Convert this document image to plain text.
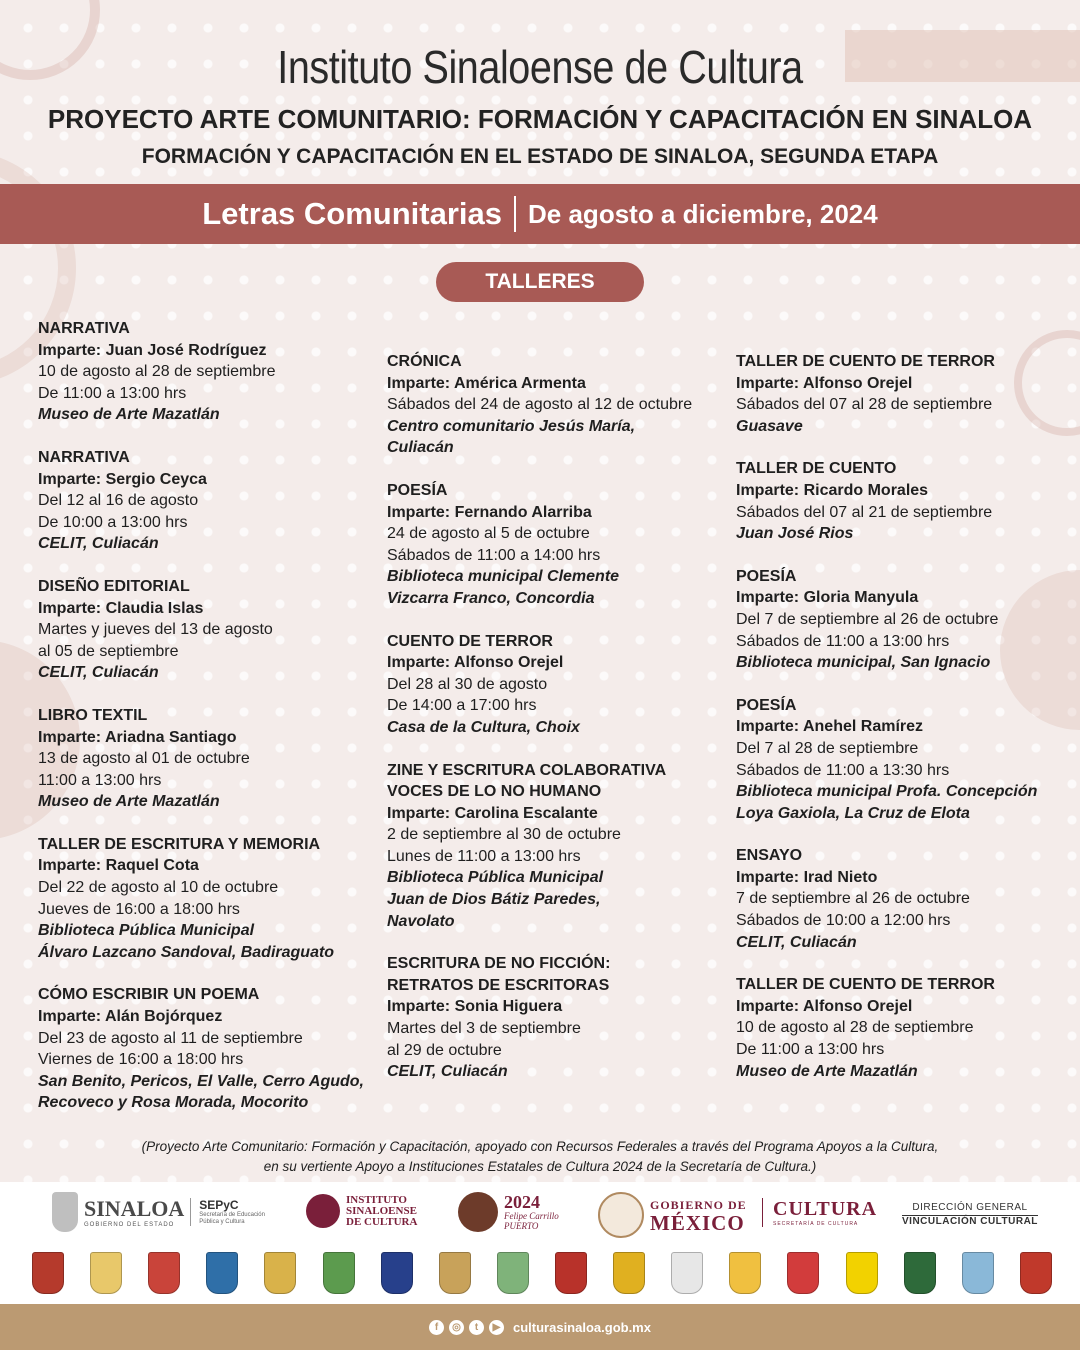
Instituto Sinaloense de Cultura
PROYECTO ARTE COMUNITARIO: FORMACIÓN Y CAPACITACIÓN EN SINALOA
FORMACIÓN Y CAPACITACIÓN EN EL ESTADO DE SINALOA, SEGUNDA ETAPA
Letras Comunitarias De agosto a diciembre, 2024
TALLERES
NARRATIVA
Imparte: Juan José Rodríguez
10 de agosto al 28 de septiembre
De 11:00 a 13:00 hrs
Museo de Arte Mazatlán
NARRATIVA
Imparte: Sergio Ceyca
Del 12 al 16 de agosto
De 10:00 a 13:00 hrs
CELIT, Culiacán
DISEÑO EDITORIAL
Imparte: Claudia Islas
Martes y jueves del 13 de agosto
al 05 de septiembre
CELIT, Culiacán
LIBRO TEXTIL
Imparte: Ariadna Santiago
13 de agosto al 01 de octubre
11:00 a 13:00 hrs
Museo de Arte Mazatlán
TALLER DE ESCRITURA Y MEMORIA
Imparte: Raquel Cota
Del 22 de agosto al 10 de octubre
Jueves de 16:00 a 18:00 hrs
Biblioteca Pública Municipal
Álvaro Lazcano Sandoval, Badiraguato
CÓMO ESCRIBIR UN POEMA
Imparte: Alán Bojórquez
Del 23 de agosto al 11 de septiembre
Viernes de 16:00 a 18:00 hrs
San Benito, Pericos, El Valle, Cerro Agudo,
Recoveco y Rosa Morada, Mocorito
CRÓNICA
Imparte: América Armenta
Sábados del 24 de agosto al 12 de octubre
Centro comunitario Jesús María,
Culiacán
POESÍA
Imparte: Fernando Alarriba
24 de agosto al 5 de octubre
Sábados de 11:00 a 14:00 hrs
Biblioteca municipal Clemente
Vizcarra Franco, Concordia
CUENTO DE TERROR
Imparte: Alfonso Orejel
Del 28 al 30 de agosto
De 14:00 a 17:00 hrs
Casa de la Cultura, Choix
ZINE Y ESCRITURA COLABORATIVA
VOCES DE LO NO HUMANO
Imparte: Carolina Escalante
2 de septiembre al 30 de octubre
Lunes de 11:00 a 13:00 hrs
Biblioteca Pública Municipal
Juan de Dios Bátiz Paredes,
Navolato
ESCRITURA DE NO FICCIÓN:
RETRATOS DE ESCRITORAS
Imparte: Sonia Higuera
Martes del 3 de septiembre
al 29 de octubre
CELIT, Culiacán
TALLER DE CUENTO DE TERROR
Imparte: Alfonso Orejel
Sábados del 07 al 28 de septiembre
Guasave
TALLER DE CUENTO
Imparte: Ricardo Morales
Sábados del 07 al 21 de septiembre
Juan José Rios
POESÍA
Imparte: Gloria Manyula
Del 7 de septiembre al 26 de octubre
Sábados de 11:00 a 13:00 hrs
Biblioteca municipal, San Ignacio
POESÍA
Imparte: Anehel Ramírez
Del 7 al 28 de septiembre
Sábados de 11:00 a 13:30 hrs
Biblioteca municipal Profa. Concepción
Loya Gaxiola, La Cruz de Elota
ENSAYO
Imparte: Irad Nieto
7 de septiembre al 26 de octubre
Sábados de 10:00 a 12:00 hrs
CELIT, Culiacán
TALLER DE CUENTO DE TERROR
Imparte: Alfonso Orejel
10 de agosto al 28 de septiembre
De 11:00 a 13:00 hrs
Museo de Arte Mazatlán
(Proyecto Arte Comunitario: Formación y Capacitación, apoyado con Recursos Federales a través del Programa Apoyos a la Cultura,
en su vertiente Apoyo a Instituciones Estatales de Cultura 2024 de la Secretaría de Cultura.)
SINALOA
GOBIERNO DEL ESTADO
SEPyC
Secretaría de Educación
Pública y Cultura
INSTITUTO
SINALOENSE
DE CULTURA
2024
Felipe Carrillo
PUERTO
GOBIERNO DE
MÉXICO
CULTURA
SECRETARÍA DE CULTURA
DIRECCIÓN GENERAL
VINCULACIÓN CULTURAL
f	◎	t	▶ culturasinaloa.gob.mx
